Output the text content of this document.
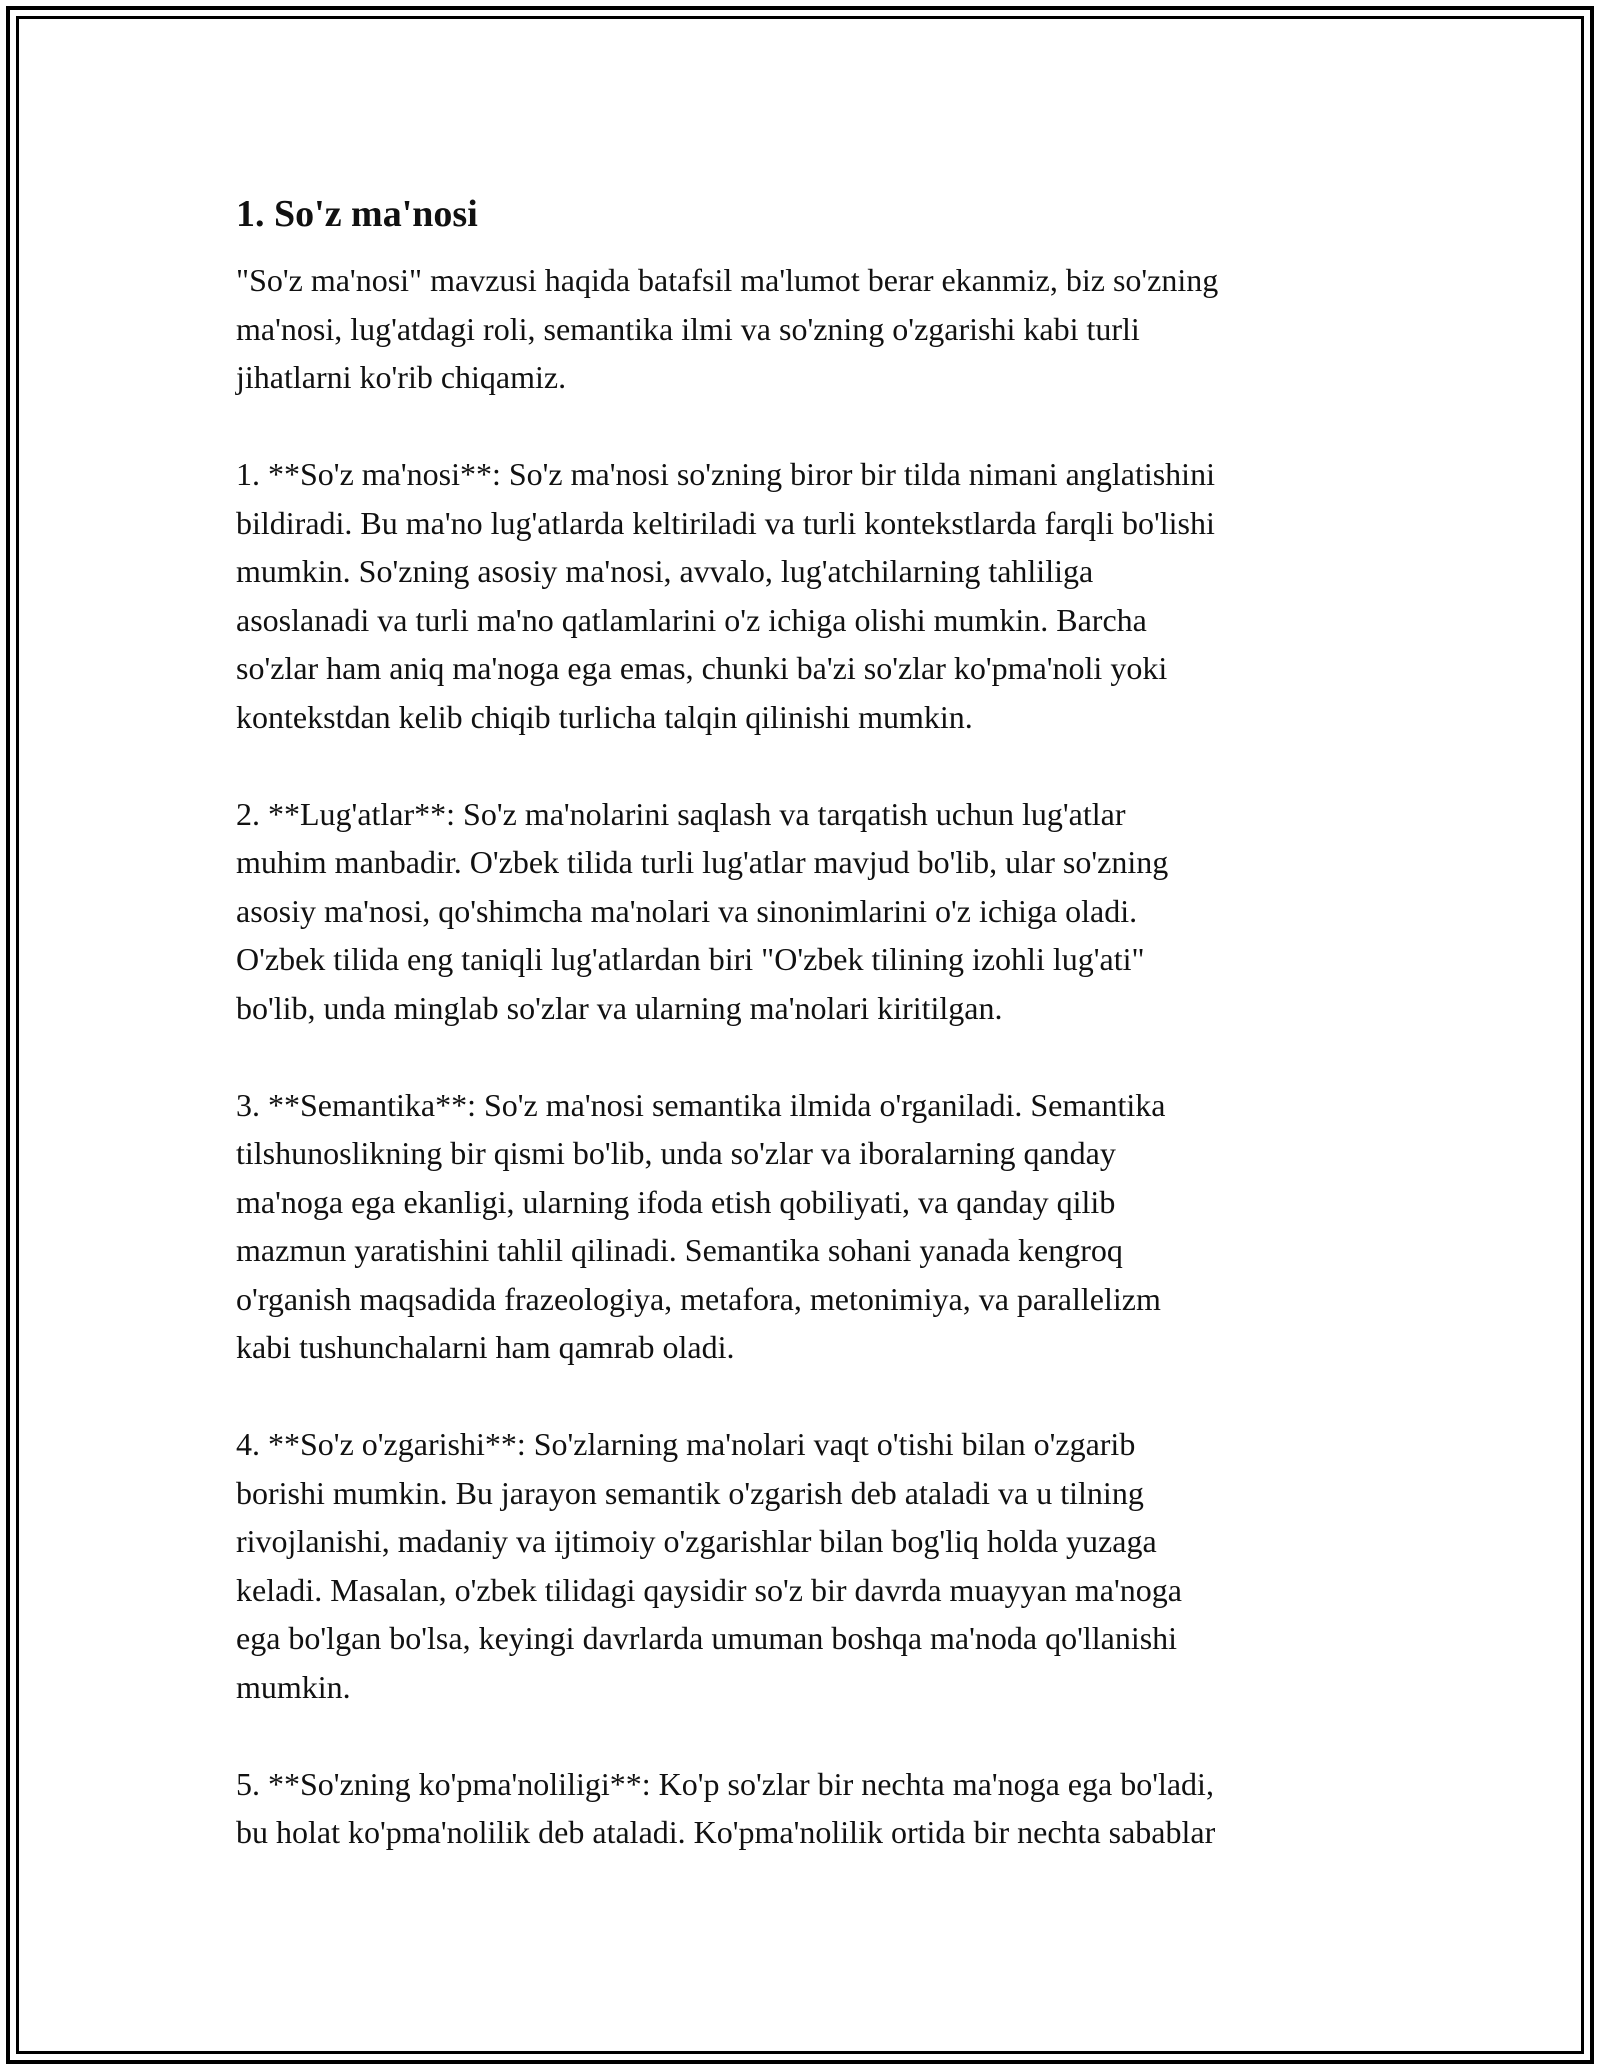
1. So'z ma'nosi

"So'z ma'nosi" mavzusi haqida batafsil ma'lumot berar ekanmiz, biz so'zning
ma'nosi, lug'atdagi roli, semantika ilmi va so'zning o'zgarishi kabi turli
jihatlarni ko'rib chiqamiz.

1. **So'z ma'nosi**: So'z ma'nosi so'zning biror bir tilda nimani anglatishini
bildiradi. Bu ma'no lug'atlarda keltiriladi va turli kontekstlarda farqli bo'lishi
mumkin. So'zning asosiy ma'nosi, avvalo, lug'atchilarning tahliliga
asoslanadi va turli ma'no qatlamlarini o'z ichiga olishi mumkin. Barcha
so'zlar ham aniq ma'noga ega emas, chunki ba'zi so'zlar ko'pma'noli yoki
kontekstdan kelib chiqib turlicha talqin qilinishi mumkin.

2. **Lug'atlar**: So'z ma'nolarini saqlash va tarqatish uchun lug'atlar
muhim manbadir. O'zbek tilida turli lug'atlar mavjud bo'lib, ular so'zning
asosiy ma'nosi, qo'shimcha ma'nolari va sinonimlarini o'z ichiga oladi.
O'zbek tilida eng taniqli lug'atlardan biri "O'zbek tilining izohli lug'ati"
bo'lib, unda minglab so'zlar va ularning ma'nolari kiritilgan.

3. **Semantika**: So'z ma'nosi semantika ilmida o'rganiladi. Semantika
tilshunoslikning bir qismi bo'lib, unda so'zlar va iboralarning qanday
ma'noga ega ekanligi, ularning ifoda etish qobiliyati, va qanday qilib
mazmun yaratishini tahlil qilinadi. Semantika sohani yanada kengroq
o'rganish maqsadida frazeologiya, metafora, metonimiya, va parallelizm
kabi tushunchalarni ham qamrab oladi.

4. **So'z o'zgarishi**: So'zlarning ma'nolari vaqt o'tishi bilan o'zgarib
borishi mumkin. Bu jarayon semantik o'zgarish deb ataladi va u tilning
rivojlanishi, madaniy va ijtimoiy o'zgarishlar bilan bog'liq holda yuzaga
keladi. Masalan, o'zbek tilidagi qaysidir so'z bir davrda muayyan ma'noga
ega bo'lgan bo'lsa, keyingi davrlarda umuman boshqa ma'noda qo'llanishi
mumkin.

5. **So'zning ko'pma'noliligi**: Ko'p so'zlar bir nechta ma'noga ega bo'ladi,
bu holat ko'pma'nolilik deb ataladi. Ko'pma'nolilik ortida bir nechta sabablar
